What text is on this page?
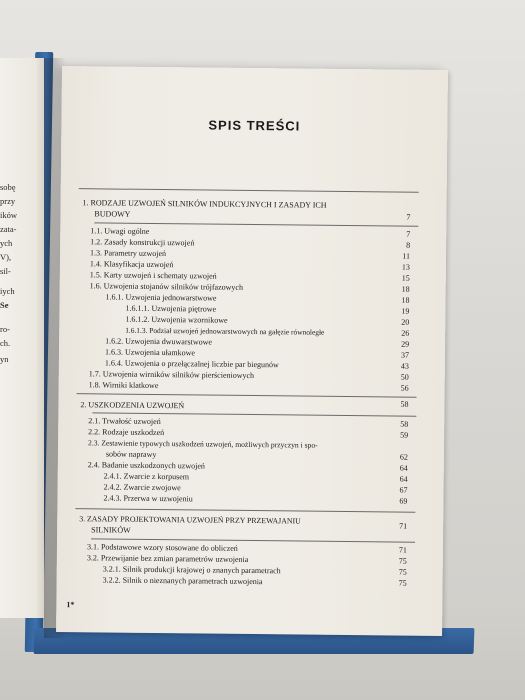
sobę
przy
ików
zata-
ych
V),
sil-
iych
Se
ro-
ch.
yn
SPIS TREŚCI
1. RODZAJE UZWOJEŃ SILNIKÓW INDUKCYJNYCH I ZASADY ICH
BUDOWY	7
1.1. Uwagi ogólne	7
1.2. Zasady konstrukcji uzwojeń	8
1.3. Parametry uzwojeń	11
1.4. Klasyfikacja uzwojeń	13
1.5. Karty uzwojeń i schematy uzwojeń	15
1.6. Uzwojenia stojanów silników trójfazowych	18
1.6.1. Uzwojenia jednowarstwowe	18
1.6.1.1. Uzwojenia piętrowe	19
1.6.1.2. Uzwojenia wzornikowe	20
1.6.1.3. Podział uzwojeń jednowarstwowych na gałęzie równoległe	26
1.6.2. Uzwojenia dwuwarstwowe	29
1.6.3. Uzwojenia ułamkowe	37
1.6.4. Uzwojenia o przełączalnej liczbie par biegunów	43
1.7. Uzwojenia wirników silników pierścieniowych	50
1.8. Wirniki klatkowe	56
2. USZKODZENIA UZWOJEŃ	58
2.1. Trwałość uzwojeń	58
2.2. Rodzaje uszkodzeń	59
2.3. Zestawienie typowych uszkodzeń uzwojeń, możliwych przyczyn i spo-
sobów naprawy	62
2.4. Badanie uszkodzonych uzwojeń	64
2.4.1. Zwarcie z korpusem	64
2.4.2. Zwarcie zwojowe	67
2.4.3. Przerwa w uzwojeniu	69
3. ZASADY PROJEKTOWANIA UZWOJEŃ PRZY PRZEWAJANIU
SILNIKÓW	71
3.1. Podstawowe wzory stosowane do obliczeń	71
3.2. Przewijanie bez zmian parametrów uzwojenia	75
3.2.1. Silnik produkcji krajowej o znanych parametrach	75
3.2.2. Silnik o nieznanych parametrach uzwojenia	75
1*
